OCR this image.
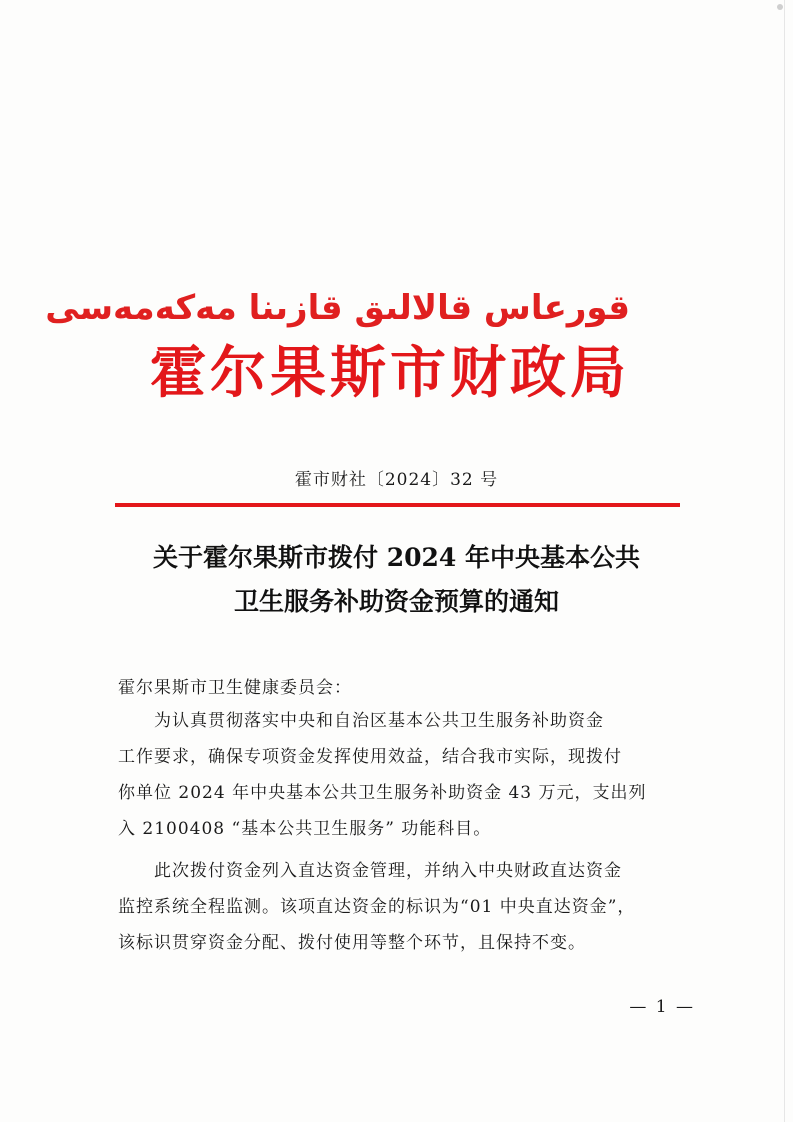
قورعاس قالالىق قازىنا مەكەمەسى
霍尔果斯市财政局
霍市财社〔2024〕32 号
关于霍尔果斯市拨付 2024 年中央基本公共
卫生服务补助资金预算的通知
霍尔果斯市卫生健康委员会：
为认真贯彻落实中央和自治区基本公共卫生服务补助资金
工作要求，确保专项资金发挥使用效益，结合我市实际，现拨付
你单位 2024 年中央基本公共卫生服务补助资金 43 万元，支出列
入 2100408 “基本公共卫生服务” 功能科目。
此次拨付资金列入直达资金管理，并纳入中央财政直达资金
监控系统全程监测。该项直达资金的标识为“01 中央直达资金”，
该标识贯穿资金分配、拨付使用等整个环节，且保持不变。
— 1 —
